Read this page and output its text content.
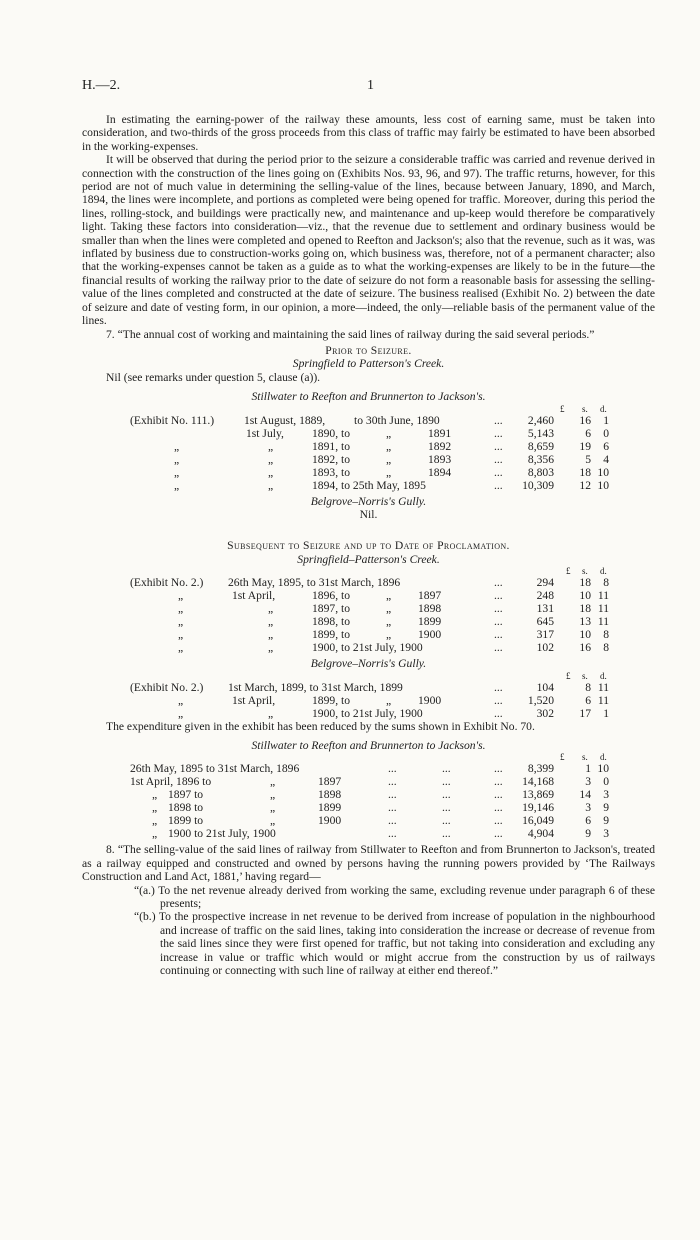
H.—2.	1

In estimating the earning-power of the railway these amounts, less cost of earning same, must be taken into consideration, and two-thirds of the gross proceeds from this class of traffic may fairly be estimated to have been absorbed in the working-expenses.

It will be observed that during the period prior to the seizure a considerable traffic was carried and revenue derived in connection with the construction of the lines going on (Exhibits Nos. 93, 96, and 97). The traffic returns, however, for this period are not of much value in determining the selling-value of the lines, because between January, 1890, and March, 1894, the lines were incomplete, and portions as completed were being opened for traffic. Moreover, during this period the lines, rolling-stock, and buildings were practically new, and maintenance and up-keep would therefore be comparatively light. Taking these factors into consideration—viz., that the revenue due to settlement and ordinary business would be smaller than when the lines were completed and opened to Reefton and Jackson's; also that the revenue, such as it was, was inflated by business due to construction-works going on, which business was, therefore, not of a permanent character; also that the working-expenses cannot be taken as a guide as to what the working-expenses are likely to be in the future—the financial results of working the railway prior to the date of seizure do not form a reasonable basis for assessing the selling-value of the lines completed and constructed at the date of seizure. The business realised (Exhibit No. 2) between the date of seizure and date of vesting form, in our opinion, a more—indeed, the only—reliable basis of the permanent value of the lines.

7. “The annual cost of working and maintaining the said lines of railway during the said several periods.”

Prior to Seizure.
Springfield to Patterson's Creek.
Nil (see remarks under question 5, clause (a)).
Stillwater to Reefton and Brunnerton to Jackson's.
£ s. d.
(Exhibit No. 111.)	1st August, 1889, to 30th June, 1890	...	2,460	16	1
1st July, 1890, to	„	1891	...	5,143	6	0
„	„	1891, to	„	1892	...	8,659	19	6
„	„	1892, to	„	1893	...	8,356	5	4
„	„	1893, to	„	1894	...	8,803	18 10
„	„	1894, to 25th May, 1895	...	10,309	12 10
Belgrove–Norris's Gully.
Nil.
Subsequent to Seizure and up to Date of Proclamation.
Springfield–Patterson's Creek.
£ s. d.
(Exhibit No. 2.) 26th May, 1895, to 31st March, 1896	...	294	18	8
„	1st April,	1896, to	„ 1897	...	248	10 11
„	„	1897, to	„ 1898	...	131	18 11
„	„	1898, to	„ 1899	...	645	13 11
„	„	1899, to	„ 1900	...	317	10	8
„	„	1900, to 21st July, 1900	...	102	16	8
Belgrove–Norris's Gully.
£ s. d.
(Exhibit No. 2.) 1st March, 1899, to 31st March, 1899	...	104	8 11
„	1st April,	1899, to	„ 1900	...	1,520	6 11
„	„	1900, to 21st July, 1900	...	302	17	1
The expenditure given in the exhibit has been reduced by the sums shown in Exhibit No. 70.
Stillwater to Reefton and Brunnerton to Jackson's.
£ s. d.
26th May, 1895 to 31st March, 1896	...	...	...	8,399	1 10
1st April, 1896 to	„	1897	...	...	...	14,168	3	0
„ 1897 to	„	1898	...	...	...	13,869	14	3
„ 1898 to	„	1899	...	...	...	19,146	3	9
„ 1899 to	„	1900	...	...	...	16,049	6	9
„ 1900 to 21st July, 1900	...	...	...	4,904	9	3

8. “The selling-value of the said lines of railway from Stillwater to Reefton and from Brunnerton to Jackson's, treated as a railway equipped and constructed and owned by persons having the running powers provided by ‘The Railways Construction and Land Act, 1881,’ having regard—

“(a.) To the net revenue already derived from working the same, excluding revenue under paragraph 6 of these presents;

“(b.) To the prospective increase in net revenue to be derived from increase of population in the nighbourhood and increase of traffic on the said lines, taking into consideration the increase or decrease of revenue from the said lines since they were first opened for traffic, but not taking into consideration and excluding any increase in value or traffic which would or might accrue from the construction by us of railways continuing or connecting with such line of railway at either end thereof.”
